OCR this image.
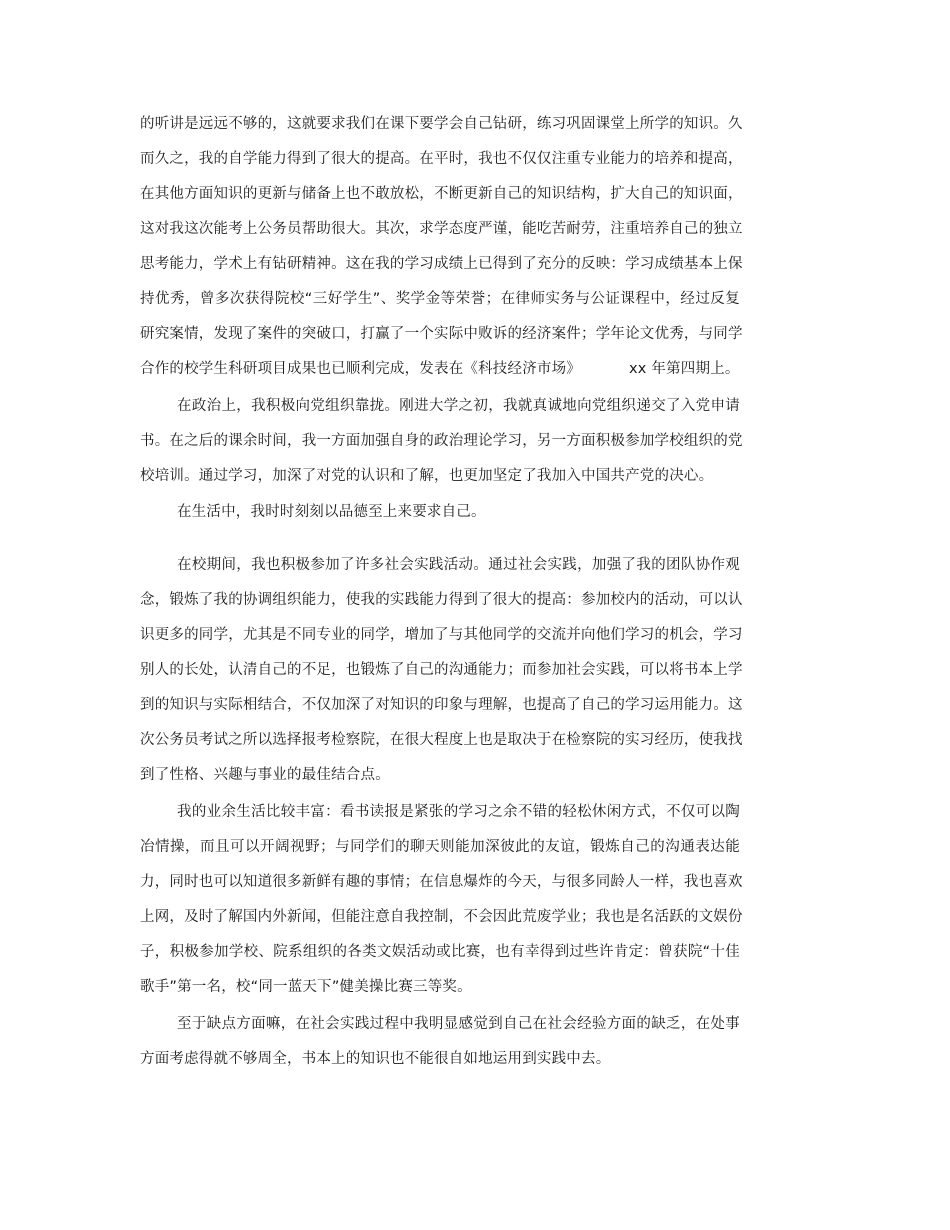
的听讲是远远不够的，这就要求我们在课下要学会自己钻研，练习巩固课堂上所学的知识。久
而久之，我的自学能力得到了很大的提高。在平时，我也不仅仅注重专业能力的培养和提高，
在其他方面知识的更新与储备上也不敢放松，不断更新自己的知识结构，扩大自己的知识面，
这对我这次能考上公务员帮助很大。其次，求学态度严谨，能吃苦耐劳，注重培养自己的独立
思考能力，学术上有钻研精神。这在我的学习成绩上已得到了充分的反映：学习成绩基本上保
持优秀，曾多次获得院校“三好学生”、奖学金等荣誉；在律师实务与公证课程中，经过反复
研究案情，发现了案件的突破口，打赢了一个实际中败诉的经济案件；学年论文优秀，与同学
合作的校学生科研项目成果也已顺利完成，发表在《科技经济市场》	xx 年第四期上。
在政治上，我积极向党组织靠拢。刚进大学之初，我就真诚地向党组织递交了入党申请
书。在之后的课余时间，我一方面加强自身的政治理论学习，另一方面积极参加学校组织的党
校培训。通过学习，加深了对党的认识和了解，也更加坚定了我加入中国共产党的决心。
在生活中，我时时刻刻以品德至上来要求自己。
在校期间，我也积极参加了许多社会实践活动。通过社会实践，加强了我的团队协作观
念，锻炼了我的协调组织能力，使我的实践能力得到了很大的提高：参加校内的活动，可以认
识更多的同学，尤其是不同专业的同学，增加了与其他同学的交流并向他们学习的机会，学习
别人的长处，认清自己的不足，也锻炼了自己的沟通能力；而参加社会实践，可以将书本上学
到的知识与实际相结合，不仅加深了对知识的印象与理解，也提高了自己的学习运用能力。这
次公务员考试之所以选择报考检察院，在很大程度上也是取决于在检察院的实习经历，使我找
到了性格、兴趣与事业的最佳结合点。
我的业余生活比较丰富：看书读报是紧张的学习之余不错的轻松休闲方式，不仅可以陶
冶情操，而且可以开阔视野；与同学们的聊天则能加深彼此的友谊，锻炼自己的沟通表达能
力，同时也可以知道很多新鲜有趣的事情；在信息爆炸的今天，与很多同龄人一样，我也喜欢
上网，及时了解国内外新闻，但能注意自我控制，不会因此荒废学业；我也是名活跃的文娱份
子，积极参加学校、院系组织的各类文娱活动或比赛，也有幸得到过些许肯定：曾获院“十佳
歌手”第一名，校“同一蓝天下”健美操比赛三等奖。
至于缺点方面嘛，在社会实践过程中我明显感觉到自己在社会经验方面的缺乏，在处事
方面考虑得就不够周全，书本上的知识也不能很自如地运用到实践中去。
